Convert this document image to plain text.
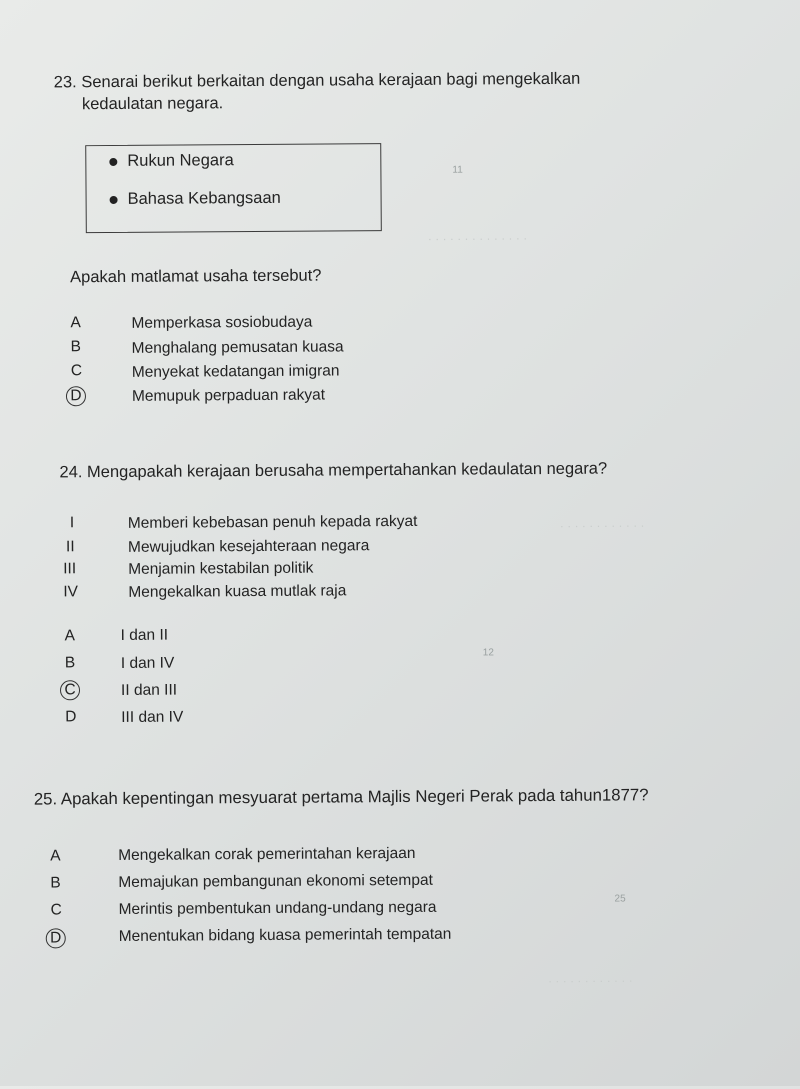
· · · · · · · · · · · · · ·
· · · · · · · · · · · ·
· · · · · · · · · · · ·
23. Senarai berikut berkaitan dengan usaha kerajaan bagi mengekalkan
kedaulatan negara.
Rukun Negara
Bahasa Kebangsaan
11
Apakah matlamat usaha tersebut?
A	Memperkasa sosiobudaya
B	Menghalang pemusatan kuasa
C	Menyekat kedatangan imigran
D	Memupuk perpaduan rakyat
24. Mengapakah kerajaan berusaha mempertahankan kedaulatan negara?
I	Memberi kebebasan penuh kepada rakyat
II	Mewujudkan kesejahteraan negara
III	Menjamin kestabilan politik
IV	Mengekalkan kuasa mutlak raja
A	I dan II
B	I dan IV
C	II dan III
D	III dan IV
12
25. Apakah kepentingan mesyuarat pertama Majlis Negeri Perak pada tahun1877?
A	Mengekalkan corak pemerintahan kerajaan
B	Memajukan pembangunan ekonomi setempat
C	Merintis pembentukan undang-undang negara
D	Menentukan bidang kuasa pemerintah tempatan
25
